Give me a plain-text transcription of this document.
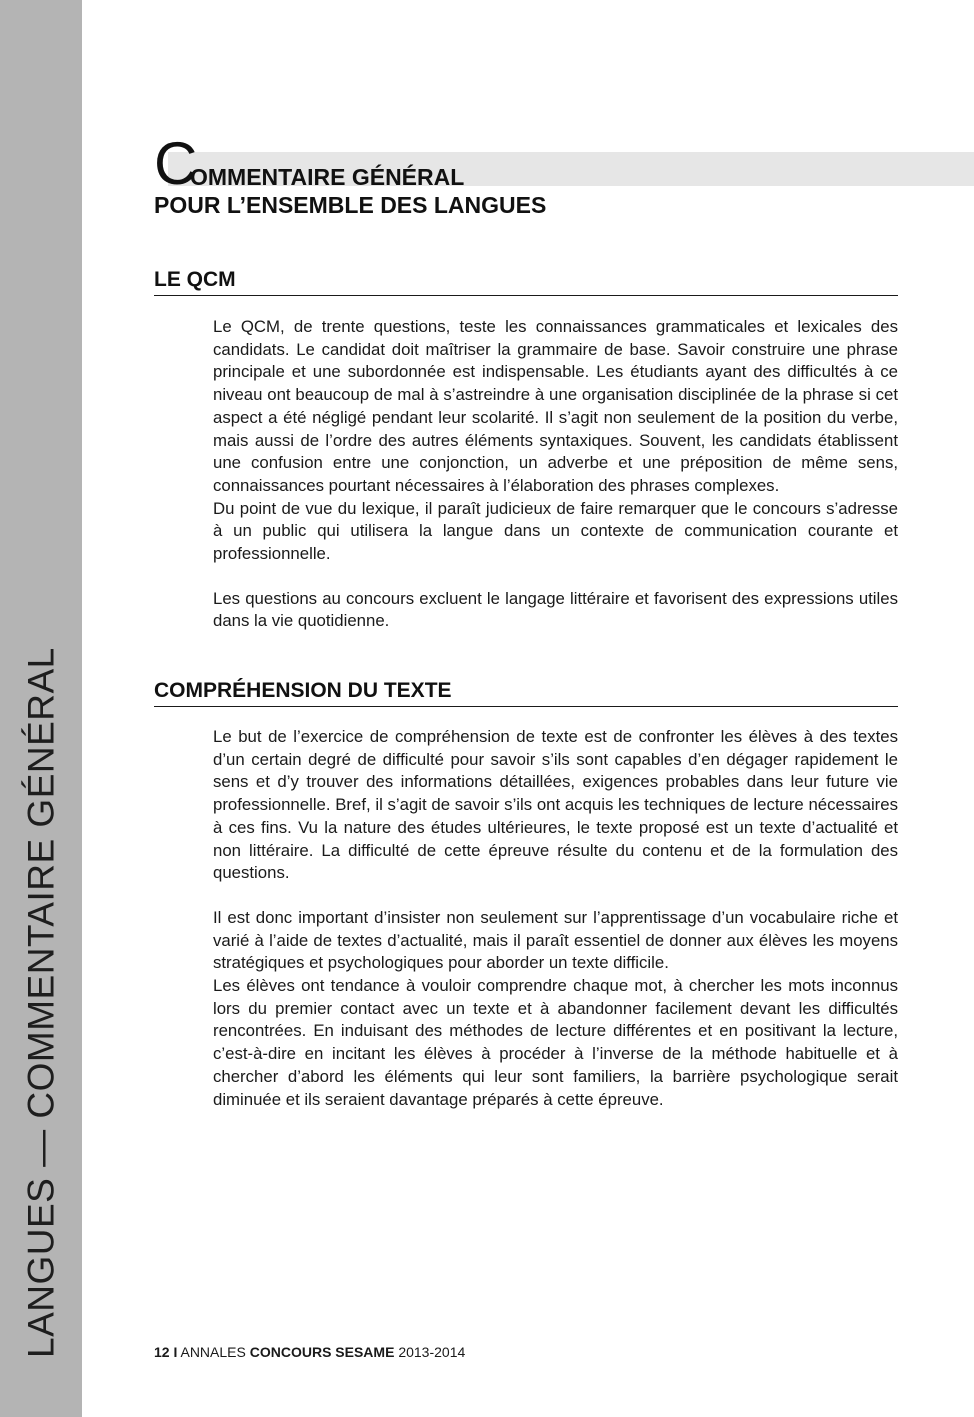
LANGUES — COMMENTAIRE GÉNÉRAL
C
OMMENTAIRE GÉNÉRAL
POUR L’ENSEMBLE DES LANGUES
LE QCM

Le QCM, de trente questions, teste les connaissances grammaticales et lexicales des candidats. Le candidat doit maîtriser la grammaire de base. Savoir construire une phrase principale et une subordonnée est indispensable. Les étudiants ayant des difficultés à ce niveau ont beaucoup de mal à s’astreindre à une organisation disciplinée de la phrase si cet aspect a été négligé pendant leur scolarité. Il s’agit non seulement de la position du verbe, mais aussi de l’ordre des autres éléments syntaxiques. Souvent, les candidats établissent une confusion entre une conjonction, un adverbe et une préposition de même sens, connaissances pourtant nécessaires à l’élaboration des phrases complexes.
Du point de vue du lexique, il paraît judicieux de faire remarquer que le concours s’adresse à un public qui utilisera la langue dans un contexte de communication courante et professionnelle.

Les questions au concours excluent le langage littéraire et favorisent des expressions utiles dans la vie quotidienne.

COMPRÉHENSION DU TEXTE

Le but de l’exercice de compréhension de texte est de confronter les élèves à des textes d’un certain degré de difficulté pour savoir s’ils sont capables d’en dégager rapidement le sens et d’y trouver des informations détaillées, exigences probables dans leur future vie professionnelle. Bref, il s’agit de savoir s’ils ont acquis les techniques de lecture nécessaires à ces fins. Vu la nature des études ultérieures, le texte proposé est un texte d’actualité et non littéraire. La difficulté de cette épreuve résulte du contenu et de la formulation des questions.

Il est donc important d’insister non seulement sur l’apprentissage d’un vocabulaire riche et varié à l’aide de textes d’actualité, mais il paraît essentiel de donner aux élèves les moyens stratégiques et psychologiques pour aborder un texte difficile.
Les élèves ont tendance à vouloir comprendre chaque mot, à chercher les mots inconnus lors du premier contact avec un texte et à abandonner facilement devant les difficultés rencontrées. En induisant des méthodes de lecture différentes et en positivant la lecture, c’est-à-dire en incitant les élèves à procéder à l’inverse de la méthode habituelle et à chercher d’abord les éléments qui leur sont familiers, la barrière psychologique serait diminuée et ils seraient davantage préparés à cette épreuve.

12 I ANNALES CONCOURS SESAME 2013-2014
